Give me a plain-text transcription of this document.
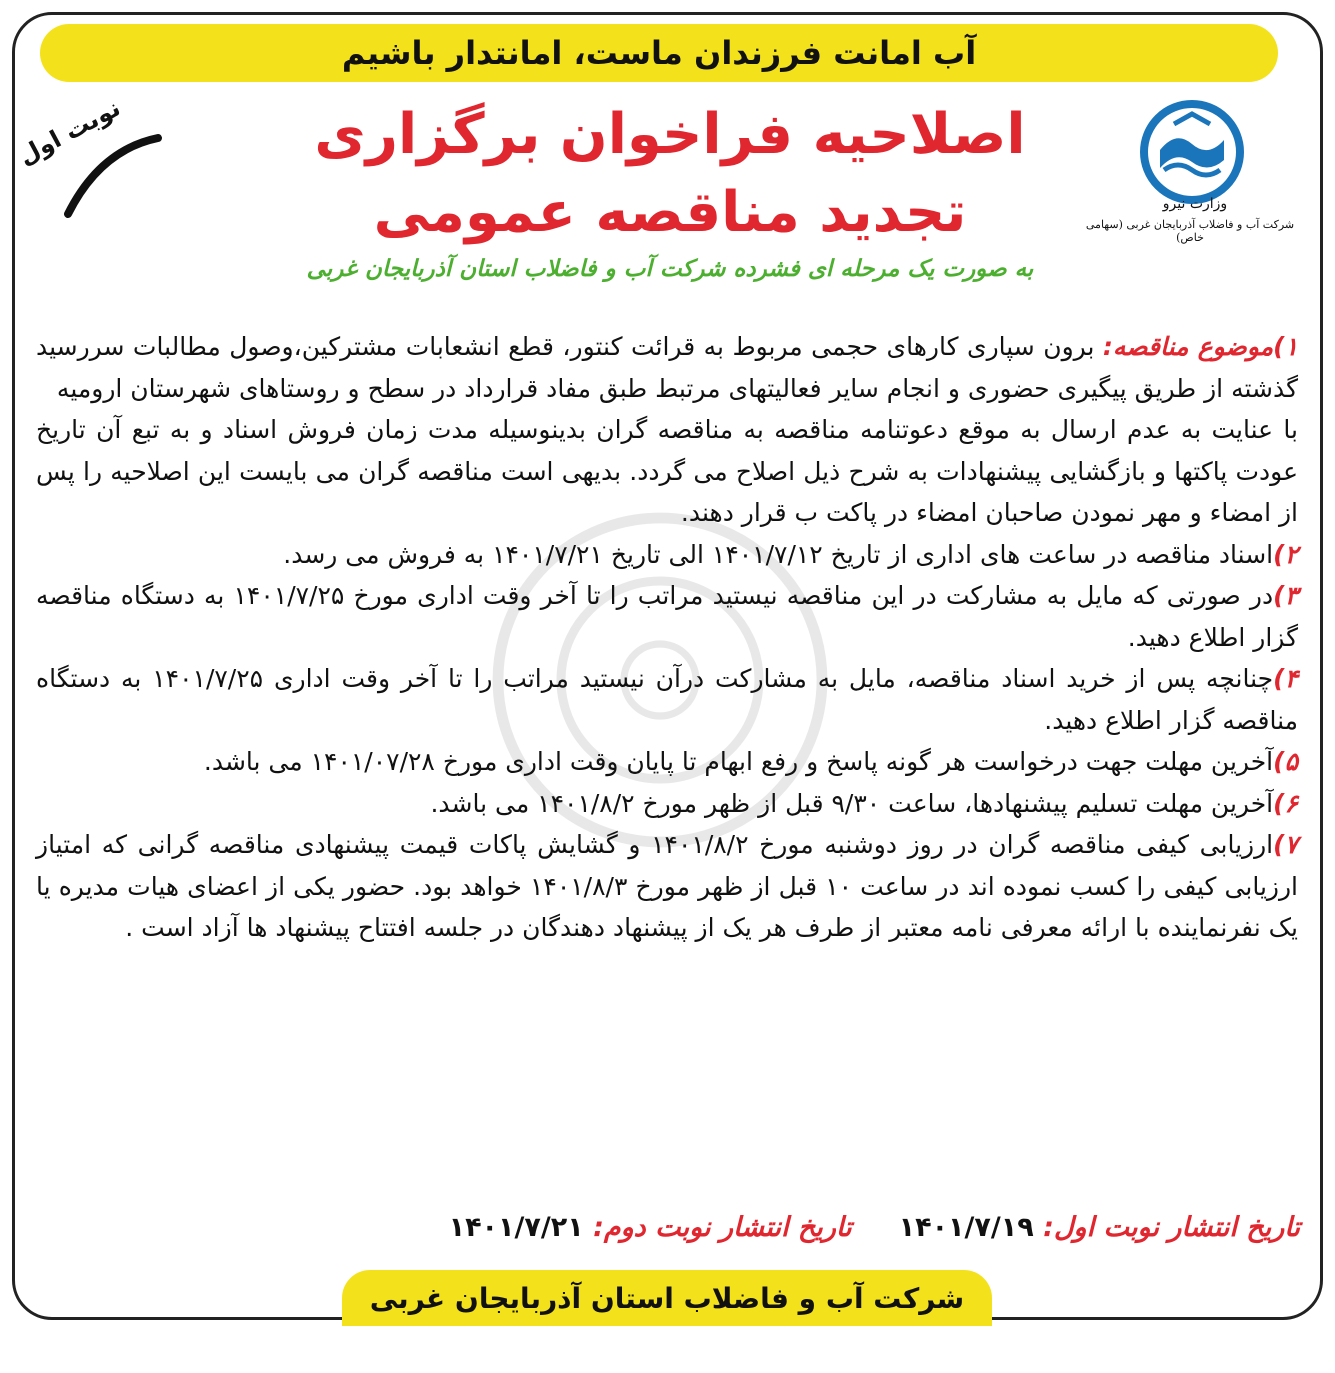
آب امانت فرزندان ماست، امانتدار باشیم
وزارت نیرو
شرکت آب و فاضلاب آذربایجان غربی (سهامی خاص)
نوبت اول	اصلاحیه فراخوان برگزاری
تجدید مناقصه عمومی
به صورت یک مرحله ای فشرده شرکت آب و فاضلاب استان آذربایجان غربی

۱)موضوع مناقصه: برون سپاری کارهای حجمی مربوط به قرائت کنتور، قطع انشعابات مشترکین،وصول مطالبات سررسید گذشته از طریق پیگیری حضوری و انجام سایر فعالیتهای مرتبط طبق مفاد قرارداد در سطح و روستاهای شهرستان ارومیه

با عنایت به عدم ارسال به موقع دعوتنامه مناقصه به مناقصه گران بدینوسیله مدت زمان فروش اسناد و به تبع آن تاریخ عودت پاکتها و بازگشایی پیشنهادات به شرح ذیل اصلاح می گردد. بدیهی است مناقصه گران می بایست این اصلاحیه را پس از امضاء و مهر نمودن صاحبان امضاء در پاکت ب قرار دهند.

۲)اسناد مناقصه در ساعت های اداری از تاریخ ۱۴۰۱/۷/۱۲ الی تاریخ ۱۴۰۱/۷/۲۱ به فروش می رسد.

۳)در صورتی که مایل به مشارکت در این مناقصه نیستید مراتب را تا آخر وقت اداری مورخ ۱۴۰۱/۷/۲۵ به دستگاه مناقصه گزار اطلاع دهید.

۴)چنانچه پس از خرید اسناد مناقصه، مایل به مشارکت درآن نیستید مراتب را تا آخر وقت اداری ۱۴۰۱/۷/۲۵ به دستگاه مناقصه گزار اطلاع دهید.

۵)آخرین مهلت جهت درخواست هر گونه پاسخ و رفع ابهام تا پایان وقت اداری مورخ ۱۴۰۱/۰۷/۲۸ می باشد.

۶)آخرین مهلت تسلیم پیشنهادها، ساعت ۹/۳۰ قبل از ظهر مورخ ۱۴۰۱/۸/۲ می باشد.

۷)ارزیابی کیفی مناقصه گران در روز دوشنبه مورخ ۱۴۰۱/۸/۲ و گشایش پاکات قیمت پیشنهادی مناقصه گرانی که امتیاز ارزیابی کیفی را کسب نموده اند در ساعت ۱۰ قبل از ظهر مورخ ۱۴۰۱/۸/۳ خواهد بود. حضور یکی از اعضای هیات مدیره یا یک نفرنماینده با ارائه معرفی نامه معتبر از طرف هر یک از پیشنهاد دهندگان در جلسه افتتاح پیشنهاد ها آزاد است .

تاریخ انتشار نوبت اول: ۱۴۰۱/۷/۱۹     تاریخ انتشار نوبت دوم: ۱۴۰۱/۷/۲۱
شرکت آب و فاضلاب استان آذربایجان غربی
